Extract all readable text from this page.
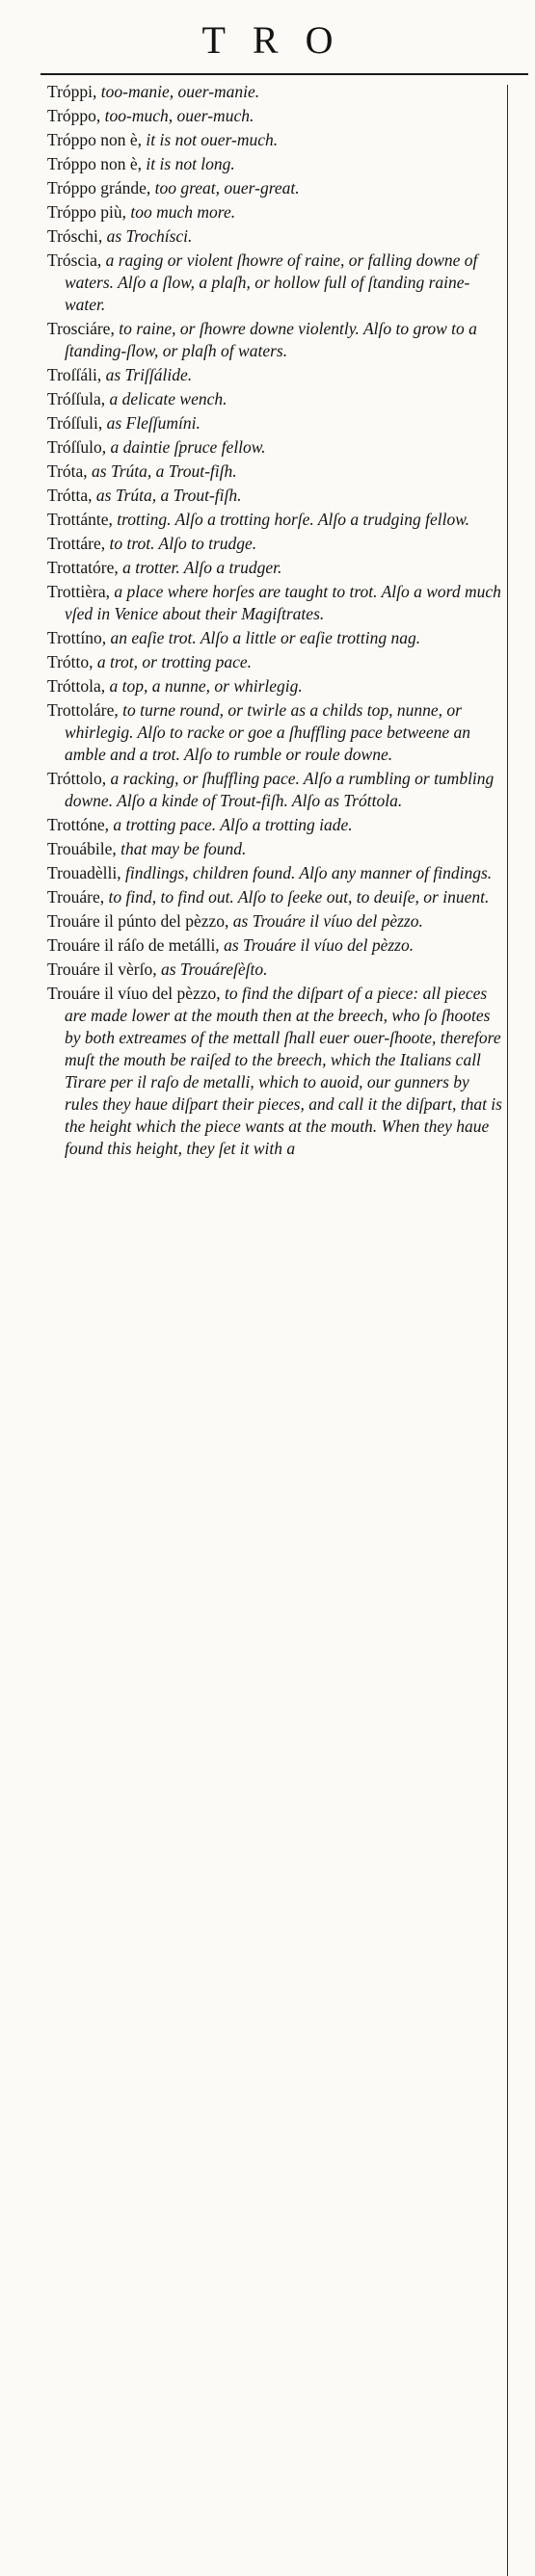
TRO
Tróppi, too-manie, ouer-manie.
Tróppo, too-much, ouer-much.
Tróppo non è, it is not ouer-much.
Tróppo non è, it is not long.
Tróppo gránde, too great, ouer-great.
Tróppo più, too much more.
Tróschi, as Trochísci.
Tróscia, a raging or violent ſhowre of raine, or falling downe of waters. Alſo a ſlow, a plaſh, or hollow full of ſtanding raine-water.
Trosciáre, to raine, or ſhowre downe violently. Alſo to grow to a ſtanding-ſlow, or plaſh of waters.
Troſſáli, as Triſſálide.
Tróſſula, a delicate wench.
Tróſſuli, as Fleſſumíni.
Tróſſulo, a daintie ſpruce fellow.
Tróta, as Trúta, a Trout-fiſh.
Trótta, as Trúta, a Trout-fiſh.
Trottánte, trotting. Alſo a trotting horſe. Alſo a trudging fellow.
Trottáre, to trot. Alſo to trudge.
Trottatóre, a trotter. Alſo a trudger.
Trottièra, a place where horſes are taught to trot. Alſo a word much vſed in Venice about their Magiſtrates.
Trottíno, an eaſie trot. Alſo a little or eaſie trotting nag.
Trótto, a trot, or trotting pace.
Tróttola, a top, a nunne, or whirlegig.
Trottoláre, to turne round, or twirle as a childs top, nunne, or whirlegig. Alſo to racke or goe a ſhuffling pace betweene an amble and a trot. Alſo to rumble or roule downe.
Tróttolo, a racking, or ſhuffling pace. Alſo a rumbling or tumbling downe. Alſo a kinde of Trout-fiſh. Alſo as Tróttola.
Trottóne, a trotting pace. Alſo a trotting iade.
Trouábile, that may be found.
Trouadèlli, findlings, children found. Alſo any manner of findings.
Trouáre, to find, to find out. Alſo to ſeeke out, to deuiſe, or inuent.
Trouáre il púnto del pèzzo, as Trouáre il víuo del pèzzo.
Trouáre il ráſo de metálli, as Trouáre il víuo del pèzzo.
Trouáre il vèrſo, as Trouáreſèſto.
Trouáre il víuo del pèzzo, to find the diſpart of a piece: all pieces are made lower at the mouth then at the breech, who ſo ſhootes by both extreames of the mettall ſhall euer ouer-ſhoote, therefore muſt the mouth be raiſed to the breech, which the Italians call Tirare per il raſo de metalli, which to auoid, our gunners by rules they haue diſpart their pieces, and call it the diſpart, that is the height which the piece wants at the mouth. When they haue found this height, they ſet it with a
